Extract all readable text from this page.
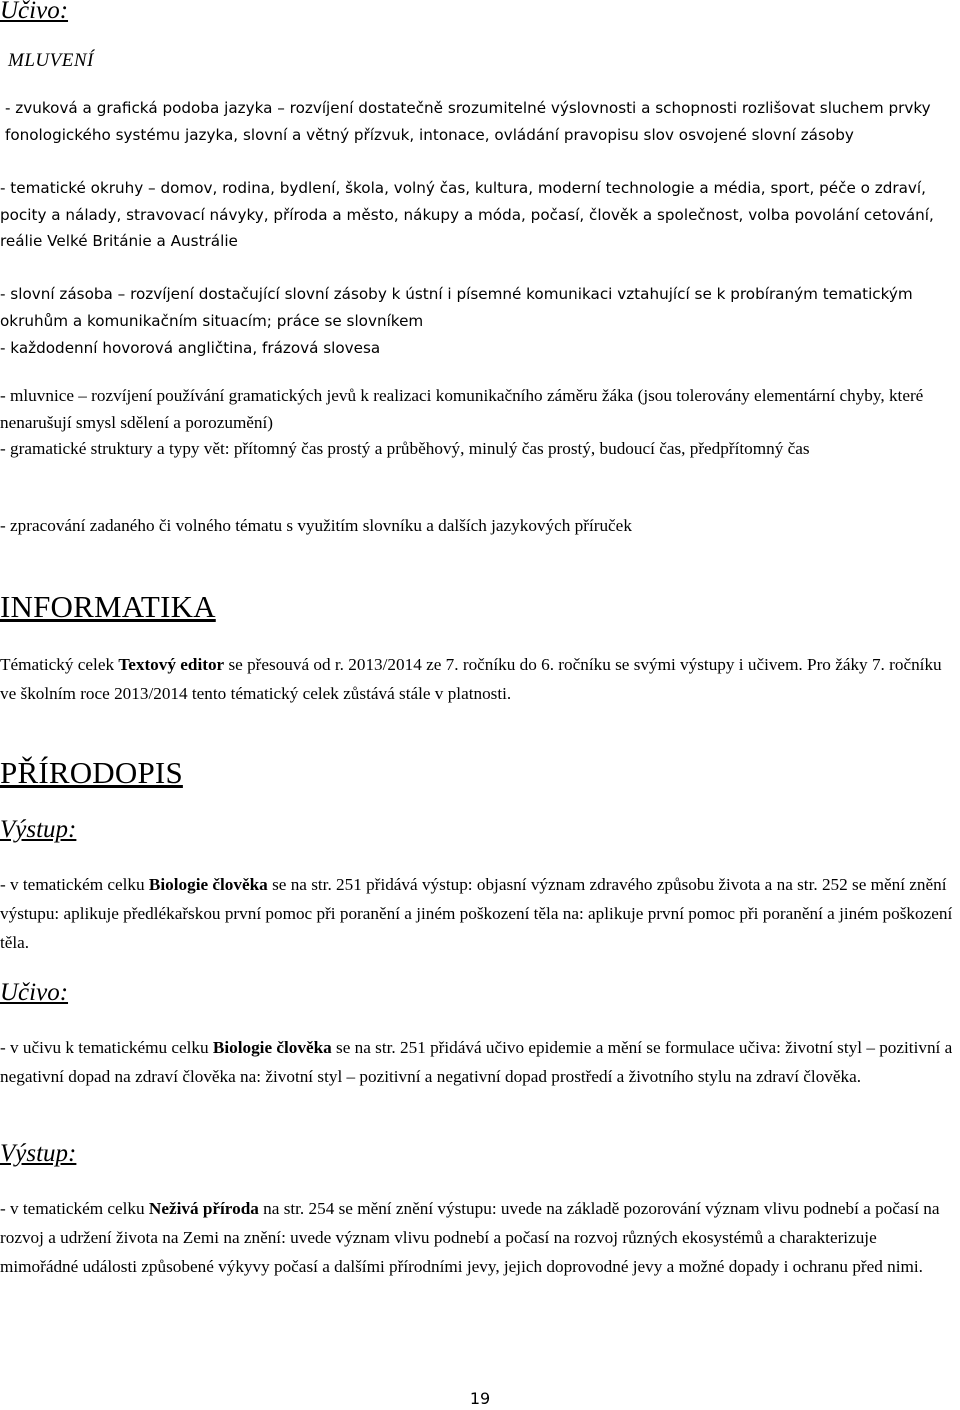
Učivo:
MLUVENÍ

- zvuková a grafická podoba jazyka – rozvíjení dostatečně srozumitelné výslovnosti a schopnosti rozlišovat sluchem prvky fonologického systému jazyka, slovní a větný přízvuk, intonace, ovládání pravopisu slov osvojené slovní zásoby

- tematické okruhy – domov, rodina, bydlení, škola, volný čas, kultura, moderní technologie a média, sport, péče o zdraví, pocity a nálady, stravovací návyky, příroda a město, nákupy a móda, počasí, člověk a společnost, volba povolání cetování, reálie Velké Británie a Austrálie

- slovní zásoba – rozvíjení dostačující slovní zásoby k ústní i písemné komunikaci vztahující se k probíraným tematickým okruhům a komunikačním situacím; práce se slovníkem

- každodenní hovorová angličtina, frázová slovesa

- mluvnice – rozvíjení používání gramatických jevů k realizaci komunikačního záměru žáka (jsou tolerovány elementární chyby, které nenarušují smysl sdělení a porozumění)

- gramatické struktury a typy vět: přítomný čas prostý a průběhový, minulý čas prostý, budoucí čas, předpřítomný čas

- zpracování zadaného či volného tématu s využitím slovníku a dalších jazykových příruček

INFORMATIKA

Tématický celek Textový editor se přesouvá od r. 2013/2014 ze 7. ročníku do 6. ročníku se svými výstupy i učivem. Pro žáky 7. ročníku ve školním roce 2013/2014 tento tématický celek zůstává stále v platnosti.

PŘÍRODOPIS
Výstup:

- v tematickém celku Biologie člověka se na str. 251 přidává výstup: objasní význam zdravého způsobu života a na str. 252 se mění znění výstupu: aplikuje předlékařskou první pomoc při poranění a jiném poškození těla na: aplikuje první pomoc při poranění a jiném poškození těla.

Učivo:

- v učivu k tematickému celku Biologie člověka se na str. 251 přidává učivo epidemie a mění se formulace učiva: životní styl – pozitivní a negativní dopad na zdraví člověka na: životní styl – pozitivní a negativní dopad prostředí a životního stylu na zdraví člověka.

Výstup:

- v tematickém celku Neživá příroda na str. 254 se mění znění výstupu: uvede na základě pozorování význam vlivu podnebí a počasí na rozvoj a udržení života na Zemi na znění: uvede význam vlivu podnebí a počasí na rozvoj různých ekosystémů a charakterizuje mimořádné události způsobené výkyvy počasí a dalšími přírodními jevy, jejich doprovodné jevy a možné dopady i ochranu před nimi.

19
